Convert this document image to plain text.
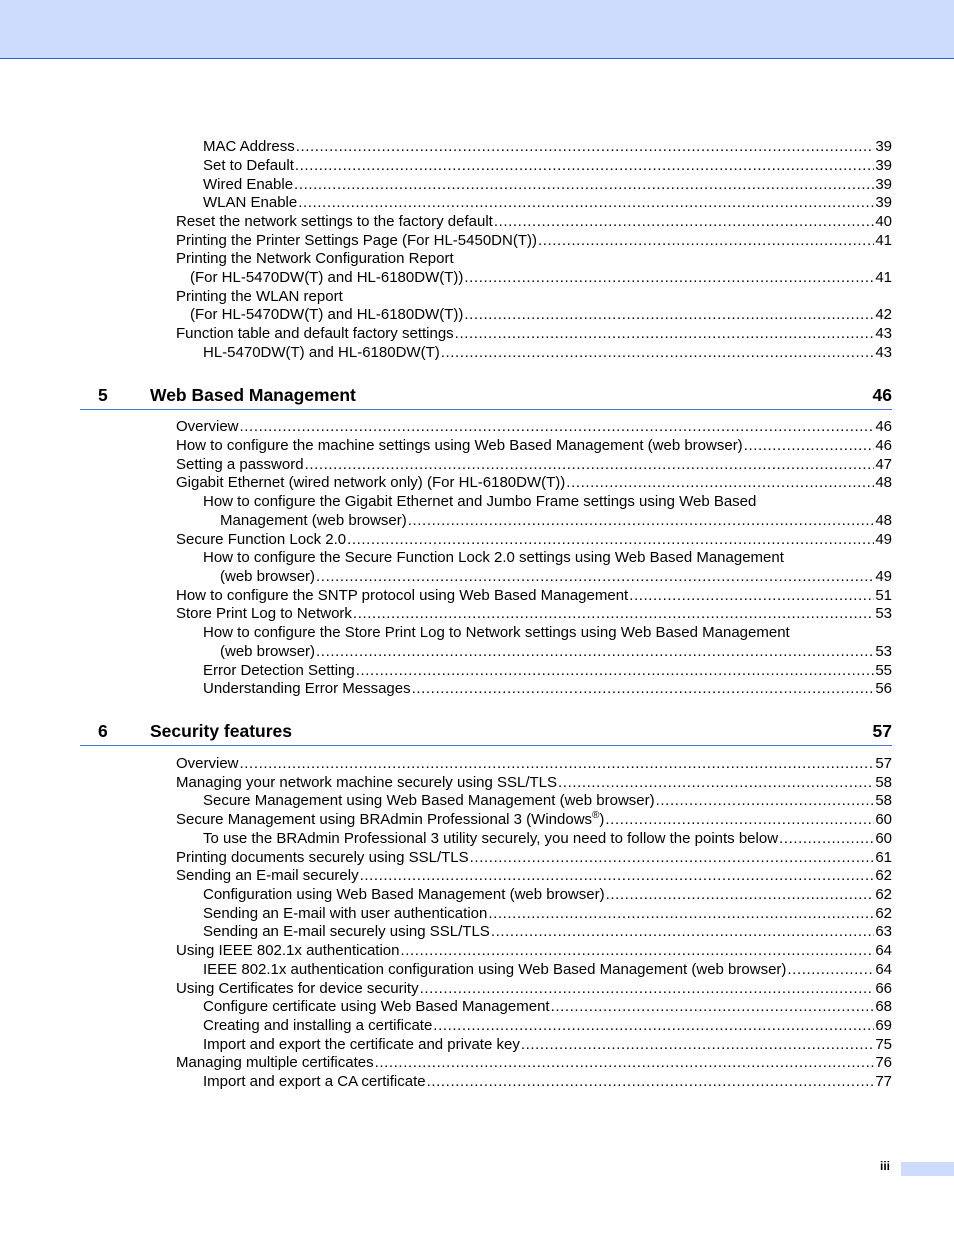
MAC Address .....	39
Set to Default .....	39
Wired Enable .....	39
WLAN Enable .....	39
Reset the network settings to the factory default .....	40
Printing the Printer Settings Page (For HL-5450DN(T)) .....	41
Printing the Network Configuration Report
(For HL-5470DW(T) and HL-6180DW(T)) .....	41
Printing the WLAN report
(For HL-5470DW(T) and HL-6180DW(T)) .....	42
Function table and default factory settings .....	43
HL-5470DW(T) and HL-6180DW(T) .....	43
5 Web Based Management	46
Overview .....	46
How to configure the machine settings using Web Based Management (web browser) .....	46
Setting a password .....	47
Gigabit Ethernet (wired network only) (For HL-6180DW(T)) .....	48
How to configure the Gigabit Ethernet and Jumbo Frame settings using Web Based
Management (web browser) .....	48
Secure Function Lock 2.0 .....	49
How to configure the Secure Function Lock 2.0 settings using Web Based Management
(web browser) .....	49
How to configure the SNTP protocol using Web Based Management .....	51
Store Print Log to Network .....	53
How to configure the Store Print Log to Network settings using Web Based Management
(web browser) .....	53
Error Detection Setting .....	55
Understanding Error Messages .....	56
6 Security features	57
Overview .....	57
Managing your network machine securely using SSL/TLS .....	58
Secure Management using Web Based Management (web browser) .....	58
Secure Management using BRAdmin Professional 3 (Windows®) .....	60
To use the BRAdmin Professional 3 utility securely, you need to follow the points below .....	60
Printing documents securely using SSL/TLS .....	61
Sending an E-mail securely .....	62
Configuration using Web Based Management (web browser) .....	62
Sending an E-mail with user authentication .....	62
Sending an E-mail securely using SSL/TLS .....	63
Using IEEE 802.1x authentication .....	64
IEEE 802.1x authentication configuration using Web Based Management (web browser) .....	64
Using Certificates for device security .....	66
Configure certificate using Web Based Management .....	68
Creating and installing a certificate .....	69
Import and export the certificate and private key .....	75
Managing multiple certificates .....	76
Import and export a CA certificate .....	77
iii
